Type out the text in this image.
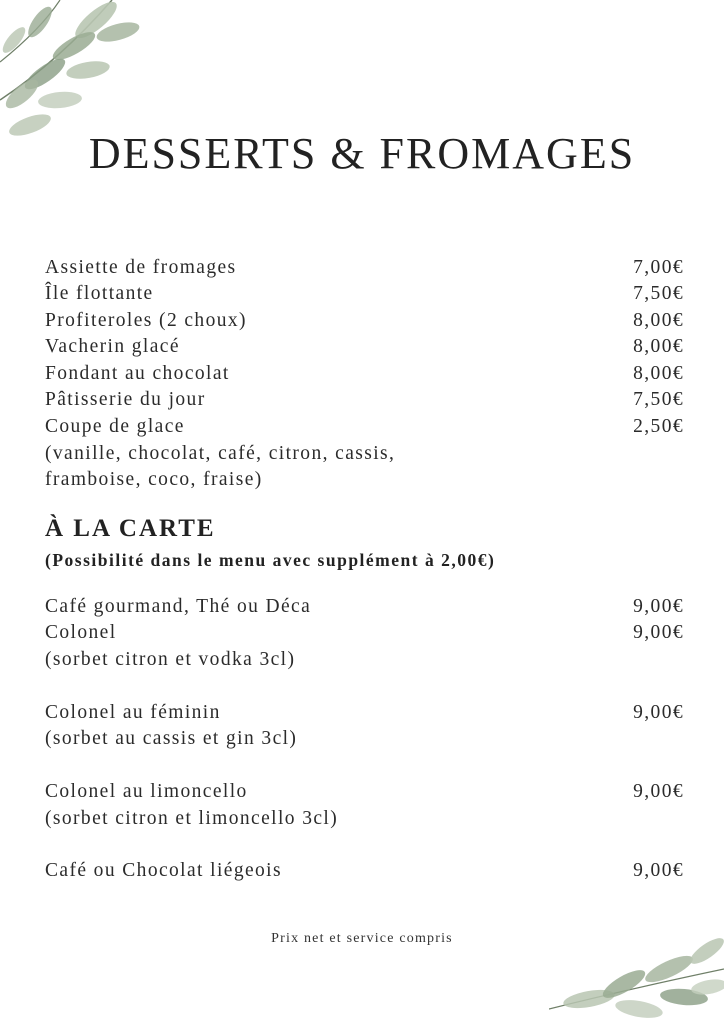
DESSERTS & FROMAGES
Assiette de fromages	7,00€
Île flottante	7,50€
Profiteroles (2 choux)	8,00€
Vacherin glacé	8,00€
Fondant au chocolat	8,00€
Pâtisserie du jour	7,50€
Coupe de glace	2,50€
(vanille, chocolat, café, citron, cassis,
framboise, coco, fraise)
À LA CARTE
(Possibilité dans le menu avec supplément à 2,00€)
Café gourmand, Thé ou Déca	9,00€
Colonel	9,00€
(sorbet citron et vodka 3cl)
Colonel au féminin	9,00€
(sorbet au cassis et gin 3cl)
Colonel au limoncello	9,00€
(sorbet citron et limoncello 3cl)
Café ou Chocolat liégeois	9,00€
Prix net et service compris
